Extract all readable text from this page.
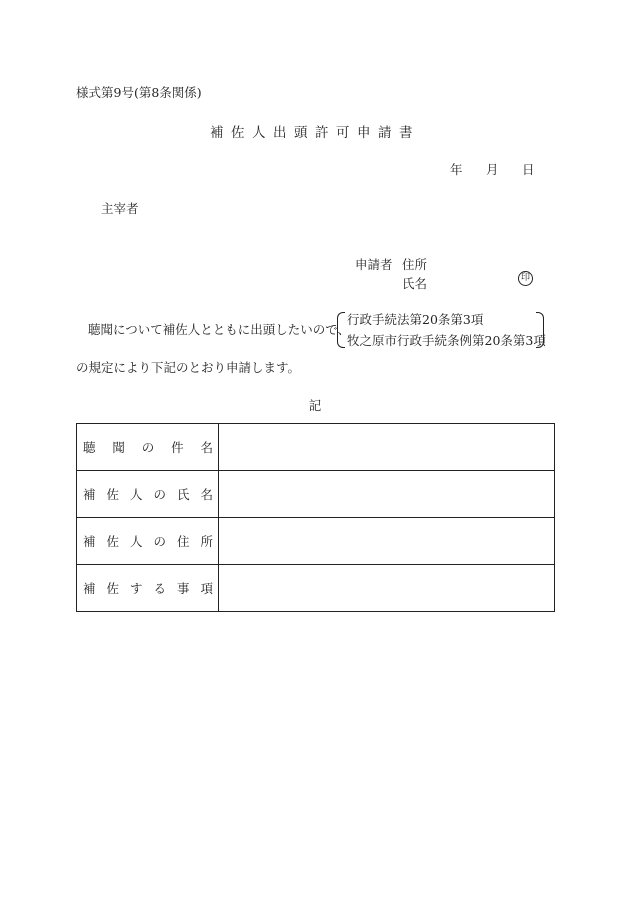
様式第9号(第8条関係)
補佐人出頭許可申請書
年 月 日
主宰者
申請者 住所
氏名	印
聴聞について補佐人とともに出頭したいので、
行政手続法第20条第3項
牧之原市行政手続条例第20条第3項
の規定により下記のとおり申請します。
記
聴聞の件名	
補佐人の氏名	
補佐人の住所	
補佐する事項	
